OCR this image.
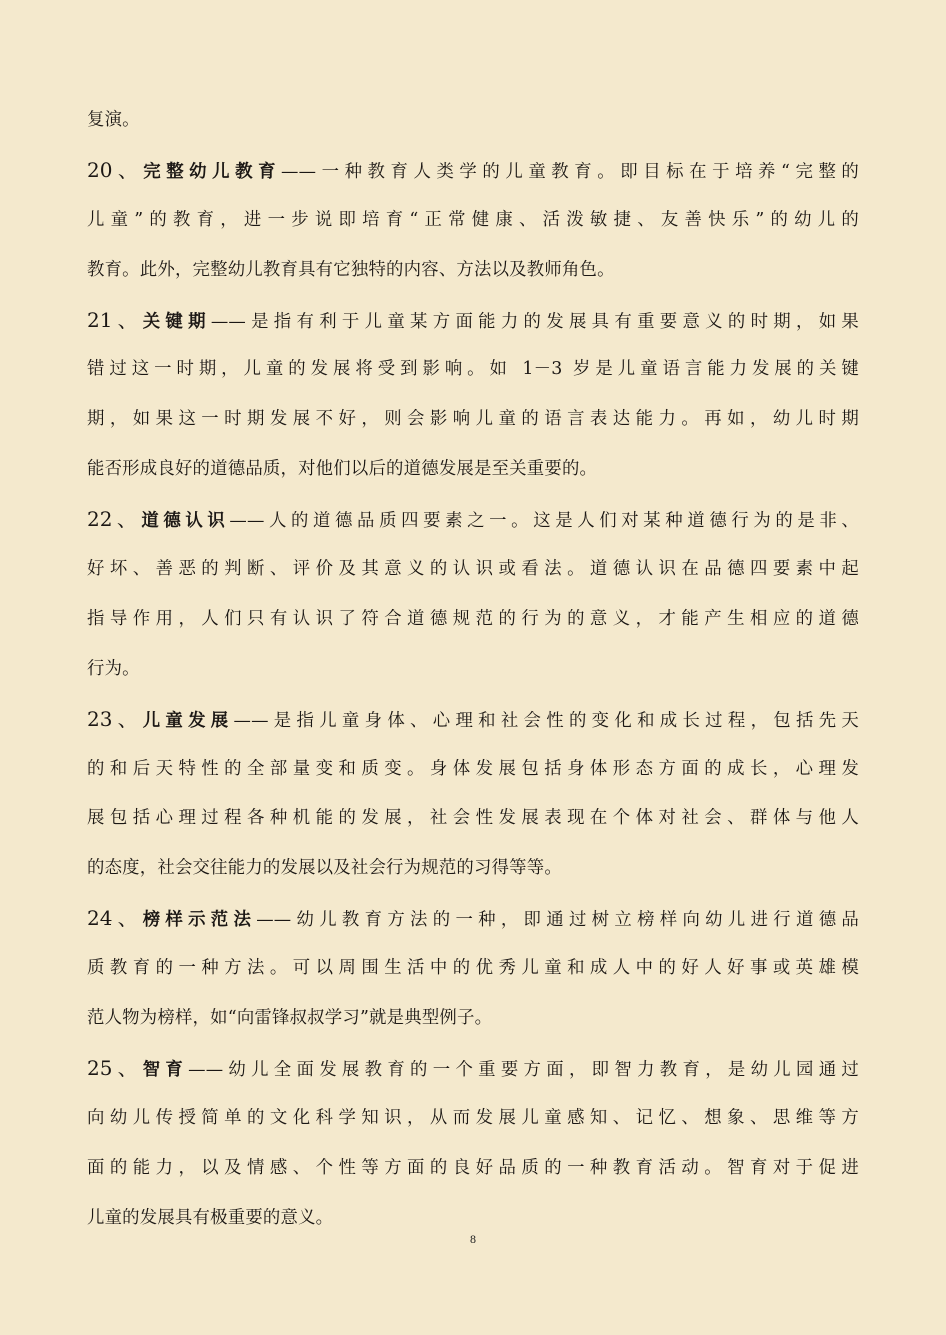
复演。
20、完整幼儿教育——一种教育人类学的儿童教育。即目标在于培养“完整的
儿童”的教育，进一步说即培育“正常健康、活泼敏捷、友善快乐”的幼儿的
教育。此外，完整幼儿教育具有它独特的内容、方法以及教师角色。
21、关键期——是指有利于儿童某方面能力的发展具有重要意义的时期，如果
错过这一时期，儿童的发展将受到影响。如 1－3 岁是儿童语言能力发展的关键
期，如果这一时期发展不好，则会影响儿童的语言表达能力。再如，幼儿时期
能否形成良好的道德品质，对他们以后的道德发展是至关重要的。
22、道德认识——人的道德品质四要素之一。这是人们对某种道德行为的是非、
好坏、善恶的判断、评价及其意义的认识或看法。道德认识在品德四要素中起
指导作用，人们只有认识了符合道德规范的行为的意义，才能产生相应的道德
行为。
23、儿童发展——是指儿童身体、心理和社会性的变化和成长过程，包括先天
的和后天特性的全部量变和质变。身体发展包括身体形态方面的成长，心理发
展包括心理过程各种机能的发展，社会性发展表现在个体对社会、群体与他人
的态度，社会交往能力的发展以及社会行为规范的习得等等。
24、榜样示范法——幼儿教育方法的一种，即通过树立榜样向幼儿进行道德品
质教育的一种方法。可以周围生活中的优秀儿童和成人中的好人好事或英雄模
范人物为榜样，如“向雷锋叔叔学习”就是典型例子。
25、智育——幼儿全面发展教育的一个重要方面，即智力教育，是幼儿园通过
向幼儿传授简单的文化科学知识，从而发展儿童感知、记忆、想象、思维等方
面的能力，以及情感、个性等方面的良好品质的一种教育活动。智育对于促进
儿童的发展具有极重要的意义。
8
